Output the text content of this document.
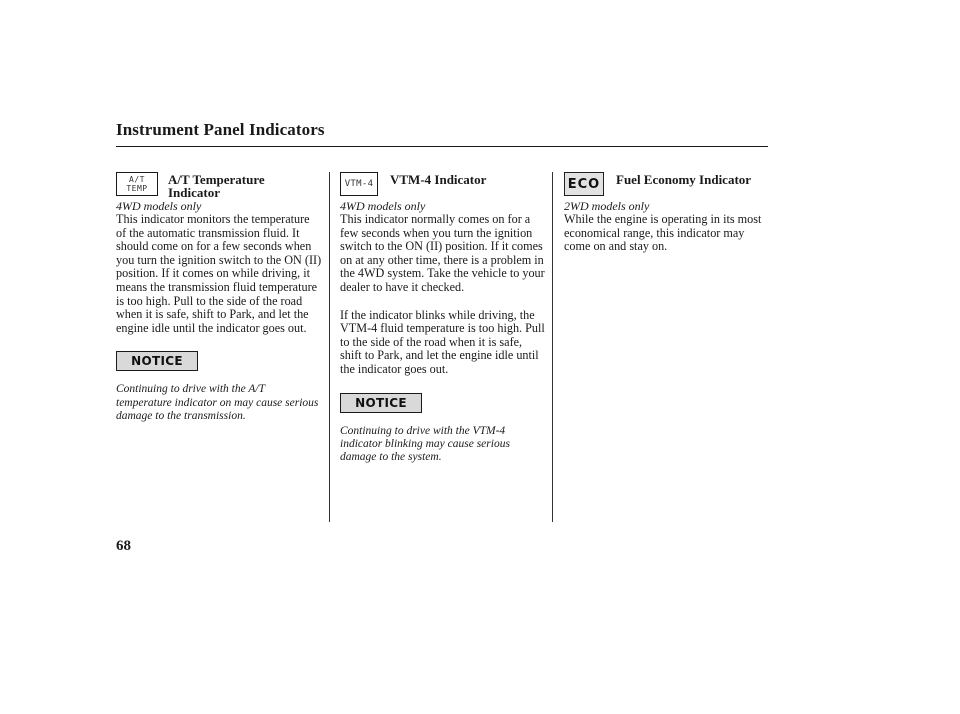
Instrument Panel Indicators
A/T
TEMP
A/T Temperature Indicator
4WD models only

This indicator monitors the temperature of the automatic transmission fluid. It should come on for a few seconds when you turn the ignition switch to the ON (II) position. If it comes on while driving, it means the transmission fluid temperature is too high. Pull to the side of the road when it is safe, shift to Park, and let the engine idle until the indicator goes out.

NOTICE
Continuing to drive with the A/T temperature indicator on may cause serious damage to the transmission.
VTM-4	VTM-4 Indicator
4WD models only

This indicator normally comes on for a few seconds when you turn the ignition switch to the ON (II) position. If it comes on at any other time, there is a problem in the 4WD system. Take the vehicle to your dealer to have it checked.

If the indicator blinks while driving, the VTM-4 fluid temperature is too high. Pull to the side of the road when it is safe, shift to Park, and let the engine idle until the indicator goes out.

NOTICE
Continuing to drive with the VTM-4 indicator blinking may cause serious damage to the system.
ECO Fuel Economy Indicator
2WD models only

While the engine is operating in its most economical range, this indicator may come on and stay on.

68
